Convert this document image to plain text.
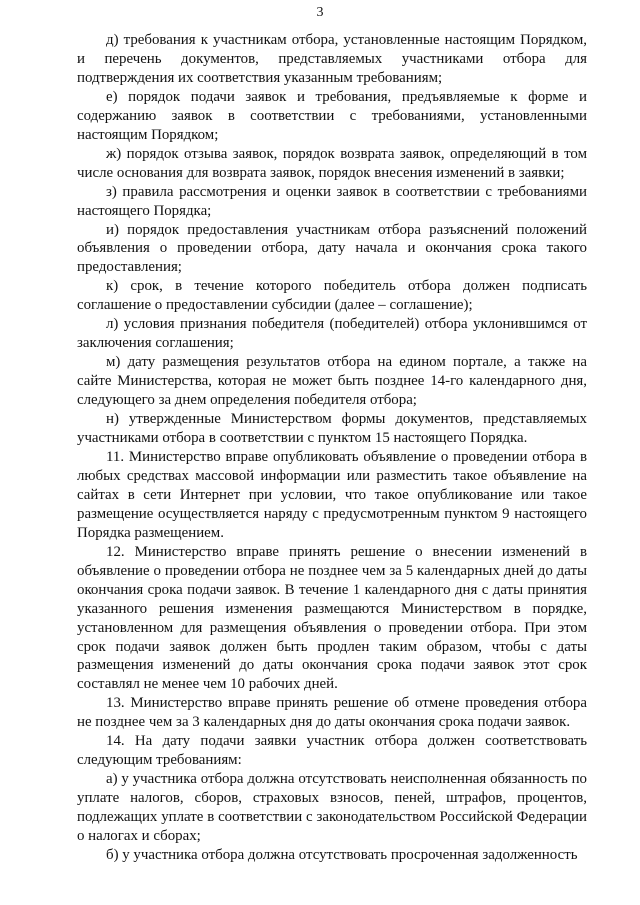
3

д) требования к участникам отбора, установленные настоящим Порядком, и перечень документов, представляемых участниками отбора для подтверждения их соответствия указанным требованиям;

е) порядок подачи заявок и требования, предъявляемые к форме и содержанию заявок в соответствии с требованиями, установленными настоящим Порядком;

ж) порядок отзыва заявок, порядок возврата заявок, определяющий в том числе основания для возврата заявок, порядок внесения изменений в заявки;

з) правила рассмотрения и оценки заявок в соответствии с требованиями настоящего Порядка;

и) порядок предоставления участникам отбора разъяснений положений объявления о проведении отбора, дату начала и окончания срока такого предоставления;

к) срок, в течение которого победитель отбора должен подписать соглашение о предоставлении субсидии (далее – соглашение);

л) условия признания победителя (победителей) отбора уклонившимся от заключения соглашения;

м) дату размещения результатов отбора на едином портале, а также на сайте Министерства, которая не может быть позднее 14-го календарного дня, следующего за днем определения победителя отбора;

н) утвержденные Министерством формы документов, представляемых участниками отбора в соответствии с пунктом 15 настоящего Порядка.

11. Министерство вправе опубликовать объявление о проведении отбора в любых средствах массовой информации или разместить такое объявление на сайтах в сети Интернет при условии, что такое опубликование или такое размещение осуществляется наряду с предусмотренным пунктом 9 настоящего Порядка размещением.

12. Министерство вправе принять решение о внесении изменений в объявление о проведении отбора не позднее чем за 5 календарных дней до даты окончания срока подачи заявок. В течение 1 календарного дня с даты принятия указанного решения изменения размещаются Министерством в порядке, установленном для размещения объявления о проведении отбора. При этом срок подачи заявок должен быть продлен таким образом, чтобы с даты размещения изменений до даты окончания срока подачи заявок этот срок составлял не менее чем 10 рабочих дней.

13. Министерство вправе принять решение об отмене проведения отбора не позднее чем за 3 календарных дня до даты окончания срока подачи заявок.

14. На дату подачи заявки участник отбора должен соответствовать следующим требованиям:

а) у участника отбора должна отсутствовать неисполненная обязанность по уплате налогов, сборов, страховых взносов, пеней, штрафов, процентов, подлежащих уплате в соответствии с законодательством Российской Федерации о налогах и сборах;

б) у участника отбора должна отсутствовать просроченная задолженность
